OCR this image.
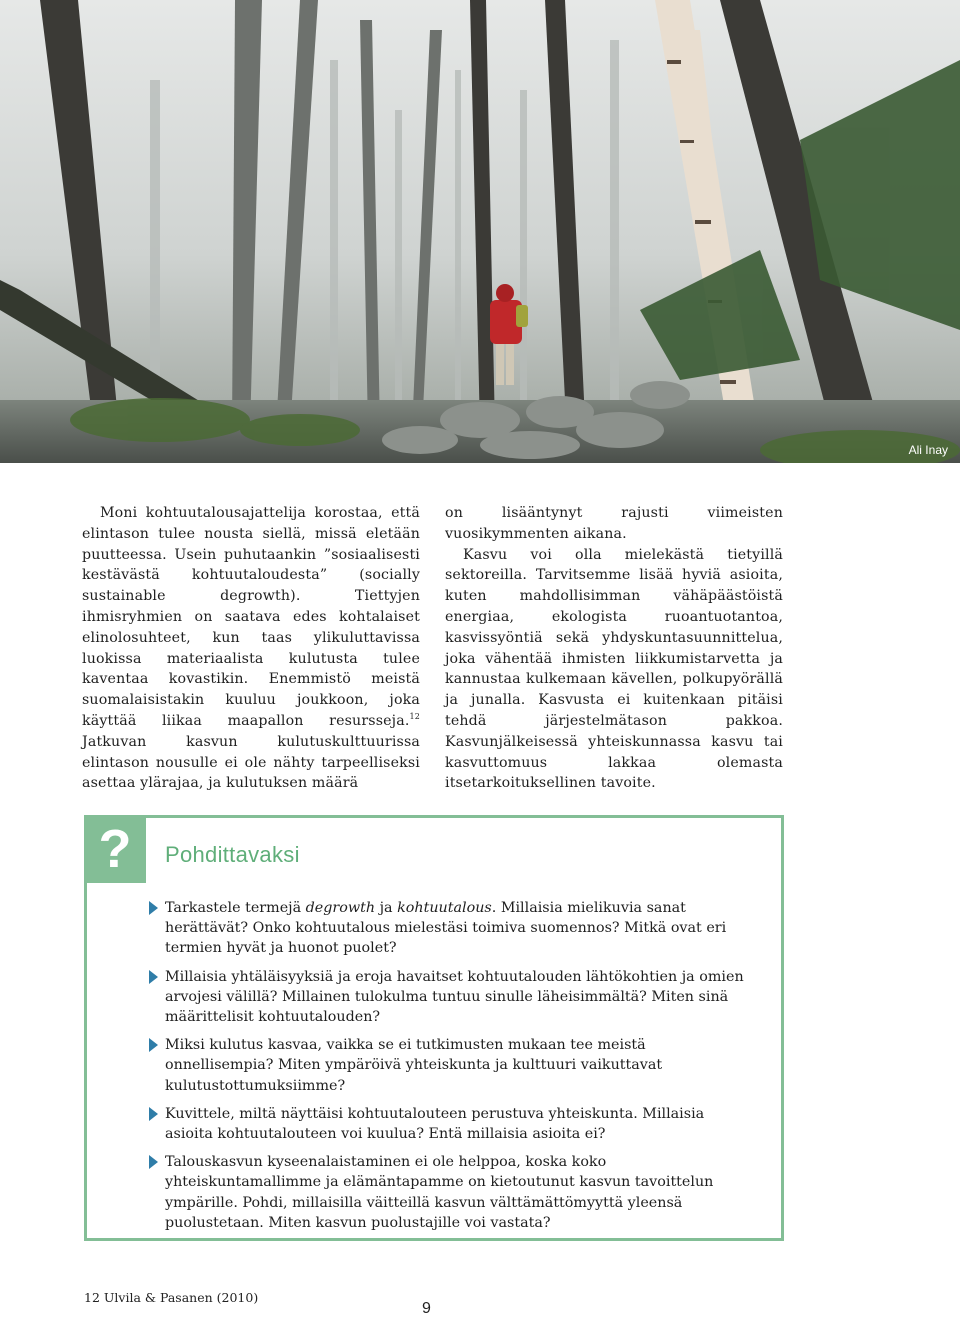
Ali Inay

Moni kohtuutalousajattelija korostaa, että elintason tulee nousta siellä, missä eletään puutteessa. Usein puhutaankin ”sosiaalisesti kestävästä kohtuutaloudesta” (socially sustainable degrowth). Tiettyjen ihmisryhmien on saatava edes kohtalaiset elinolosuhteet, kun taas ylikuluttavissa luokissa materiaalista kulutusta tulee kaventaa kovastikin. Enemmistö meistä suomalaisistakin kuuluu joukkoon, joka käyttää liikaa maapallon resursseja.$^{12}$ Jatkuvan kasvun kulutuskulttuurissa elintason nousulle ei ole nähty tarpeelliseksi asettaa ylärajaa, ja kulutuksen määrä

on lisääntynyt rajusti viimeisten vuosikymmenten aikana.

Kasvu voi olla mielekästä tietyillä sektoreilla. Tarvitsemme lisää hyviä asioita, kuten mahdollisimman vähäpäästöistä energiaa, ekologista ruoantuotantoa, kasvissyöntiä sekä yhdyskuntasuunnittelua, joka vähentää ihmisten liikkumistarvetta ja kannustaa kulkemaan kävellen, polkupyörällä ja junalla. Kasvusta ei kuitenkaan pitäisi tehdä järjestelmätason pakkoa. Kasvunjälkeisessä yhteiskunnassa kasvu tai kasvuttomuus lakkaa olemasta itsetarkoituksellinen tavoite.

?	Pohdittavaksi
Tarkastele termejä degrowth ja kohtuutalous. Millaisia mielikuvia sanat herättävät? Onko kohtuutalous mielestäsi toimiva suomennos? Mitkä ovat eri termien hyvät ja huonot puolet?
Millaisia yhtäläisyyksiä ja eroja havaitset kohtuutalouden lähtökohtien ja omien arvojesi välillä? Millainen tulokulma tuntuu sinulle läheisimmältä? Miten sinä määrittelisit kohtuutalouden?
Miksi kulutus kasvaa, vaikka se ei tutkimusten mukaan tee meistä onnellisempia? Miten ympäröivä yhteiskunta ja kulttuuri vaikuttavat kulutustottumuksiimme?
Kuvittele, miltä näyttäisi kohtuutalouteen perustuva yhteiskunta. Millaisia asioita kohtuutalouteen voi kuulua? Entä millaisia asioita ei?
Talouskasvun kyseenalaistaminen ei ole helppoa, koska koko yhteiskuntamallimme ja elämäntapamme on kietoutunut kasvun tavoittelun ympärille. Pohdi, millaisilla väitteillä kasvun välttämättömyyttä yleensä puolustetaan. Miten kasvun puolustajille voi vastata?
12 Ulvila & Pasanen (2010)
9
